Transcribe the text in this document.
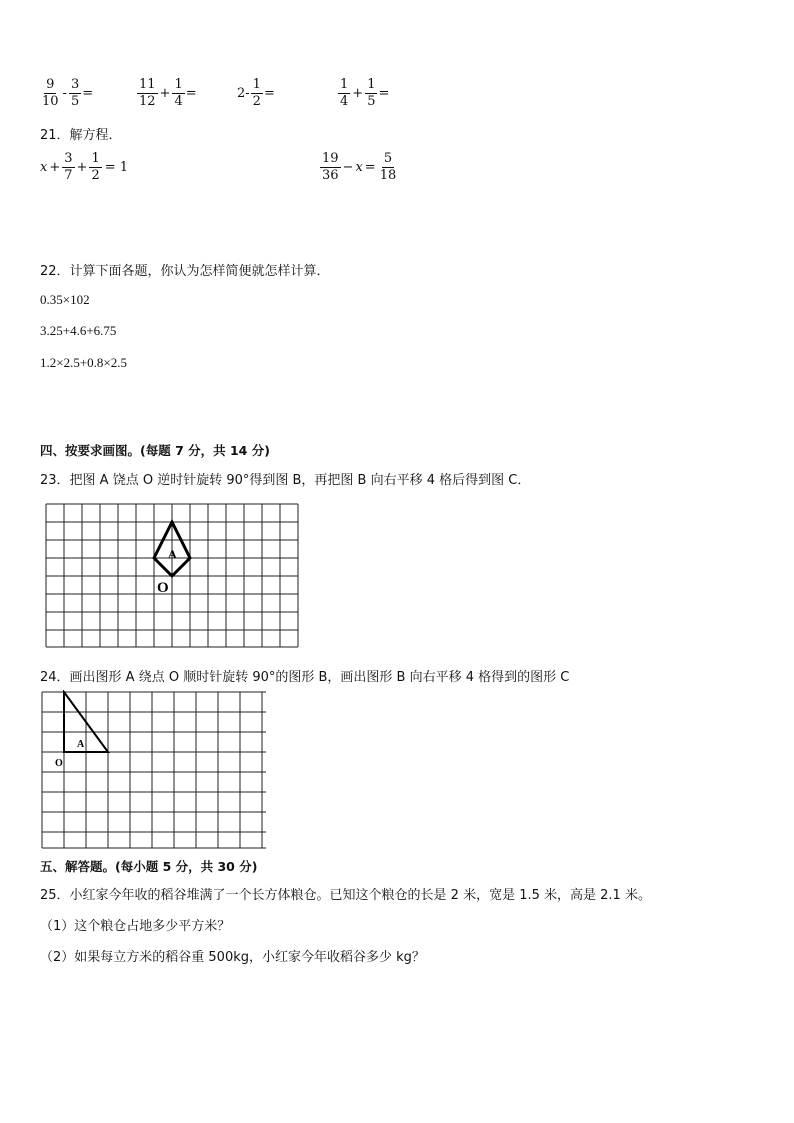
$\frac{9}{10} - \frac{3}{5}$ =	$\frac{11}{12} + \frac{1}{4}$ =	$2- \frac{1}{2}$ =	$\frac{1}{4} + \frac{1}{5}$ =
21．解方程．
$x + \frac{3}{7} + \frac{1}{2} = 1$	$\frac{19}{36} - x = \frac{5}{18}$
22．计算下面各题，你认为怎样简便就怎样计算．
0.35×102
3.25+4.6+6.75
1.2×2.5+0.8×2.5
四、按要求画图。(每题 7 分，共 14 分)
23．把图 A 饶点 O 逆时针旋转 90°得到图 B，再把图 B 向右平移 4 格后得到图 C．
A
O
24．画出图形 A 绕点 O 顺时针旋转 90°的图形 B，画出图形 B 向右平移 4 格得到的图形 C
A
O
五、解答题。(每小题 5 分，共 30 分)
25．小红家今年收的稻谷堆满了一个长方体粮仓。已知这个粮仓的长是 2 米，宽是 1.5 米，高是 2.1 米。
（1）这个粮仓占地多少平方米？
（2）如果每立方米的稻谷重 500kg，小红家今年收稻谷多少 kg？
